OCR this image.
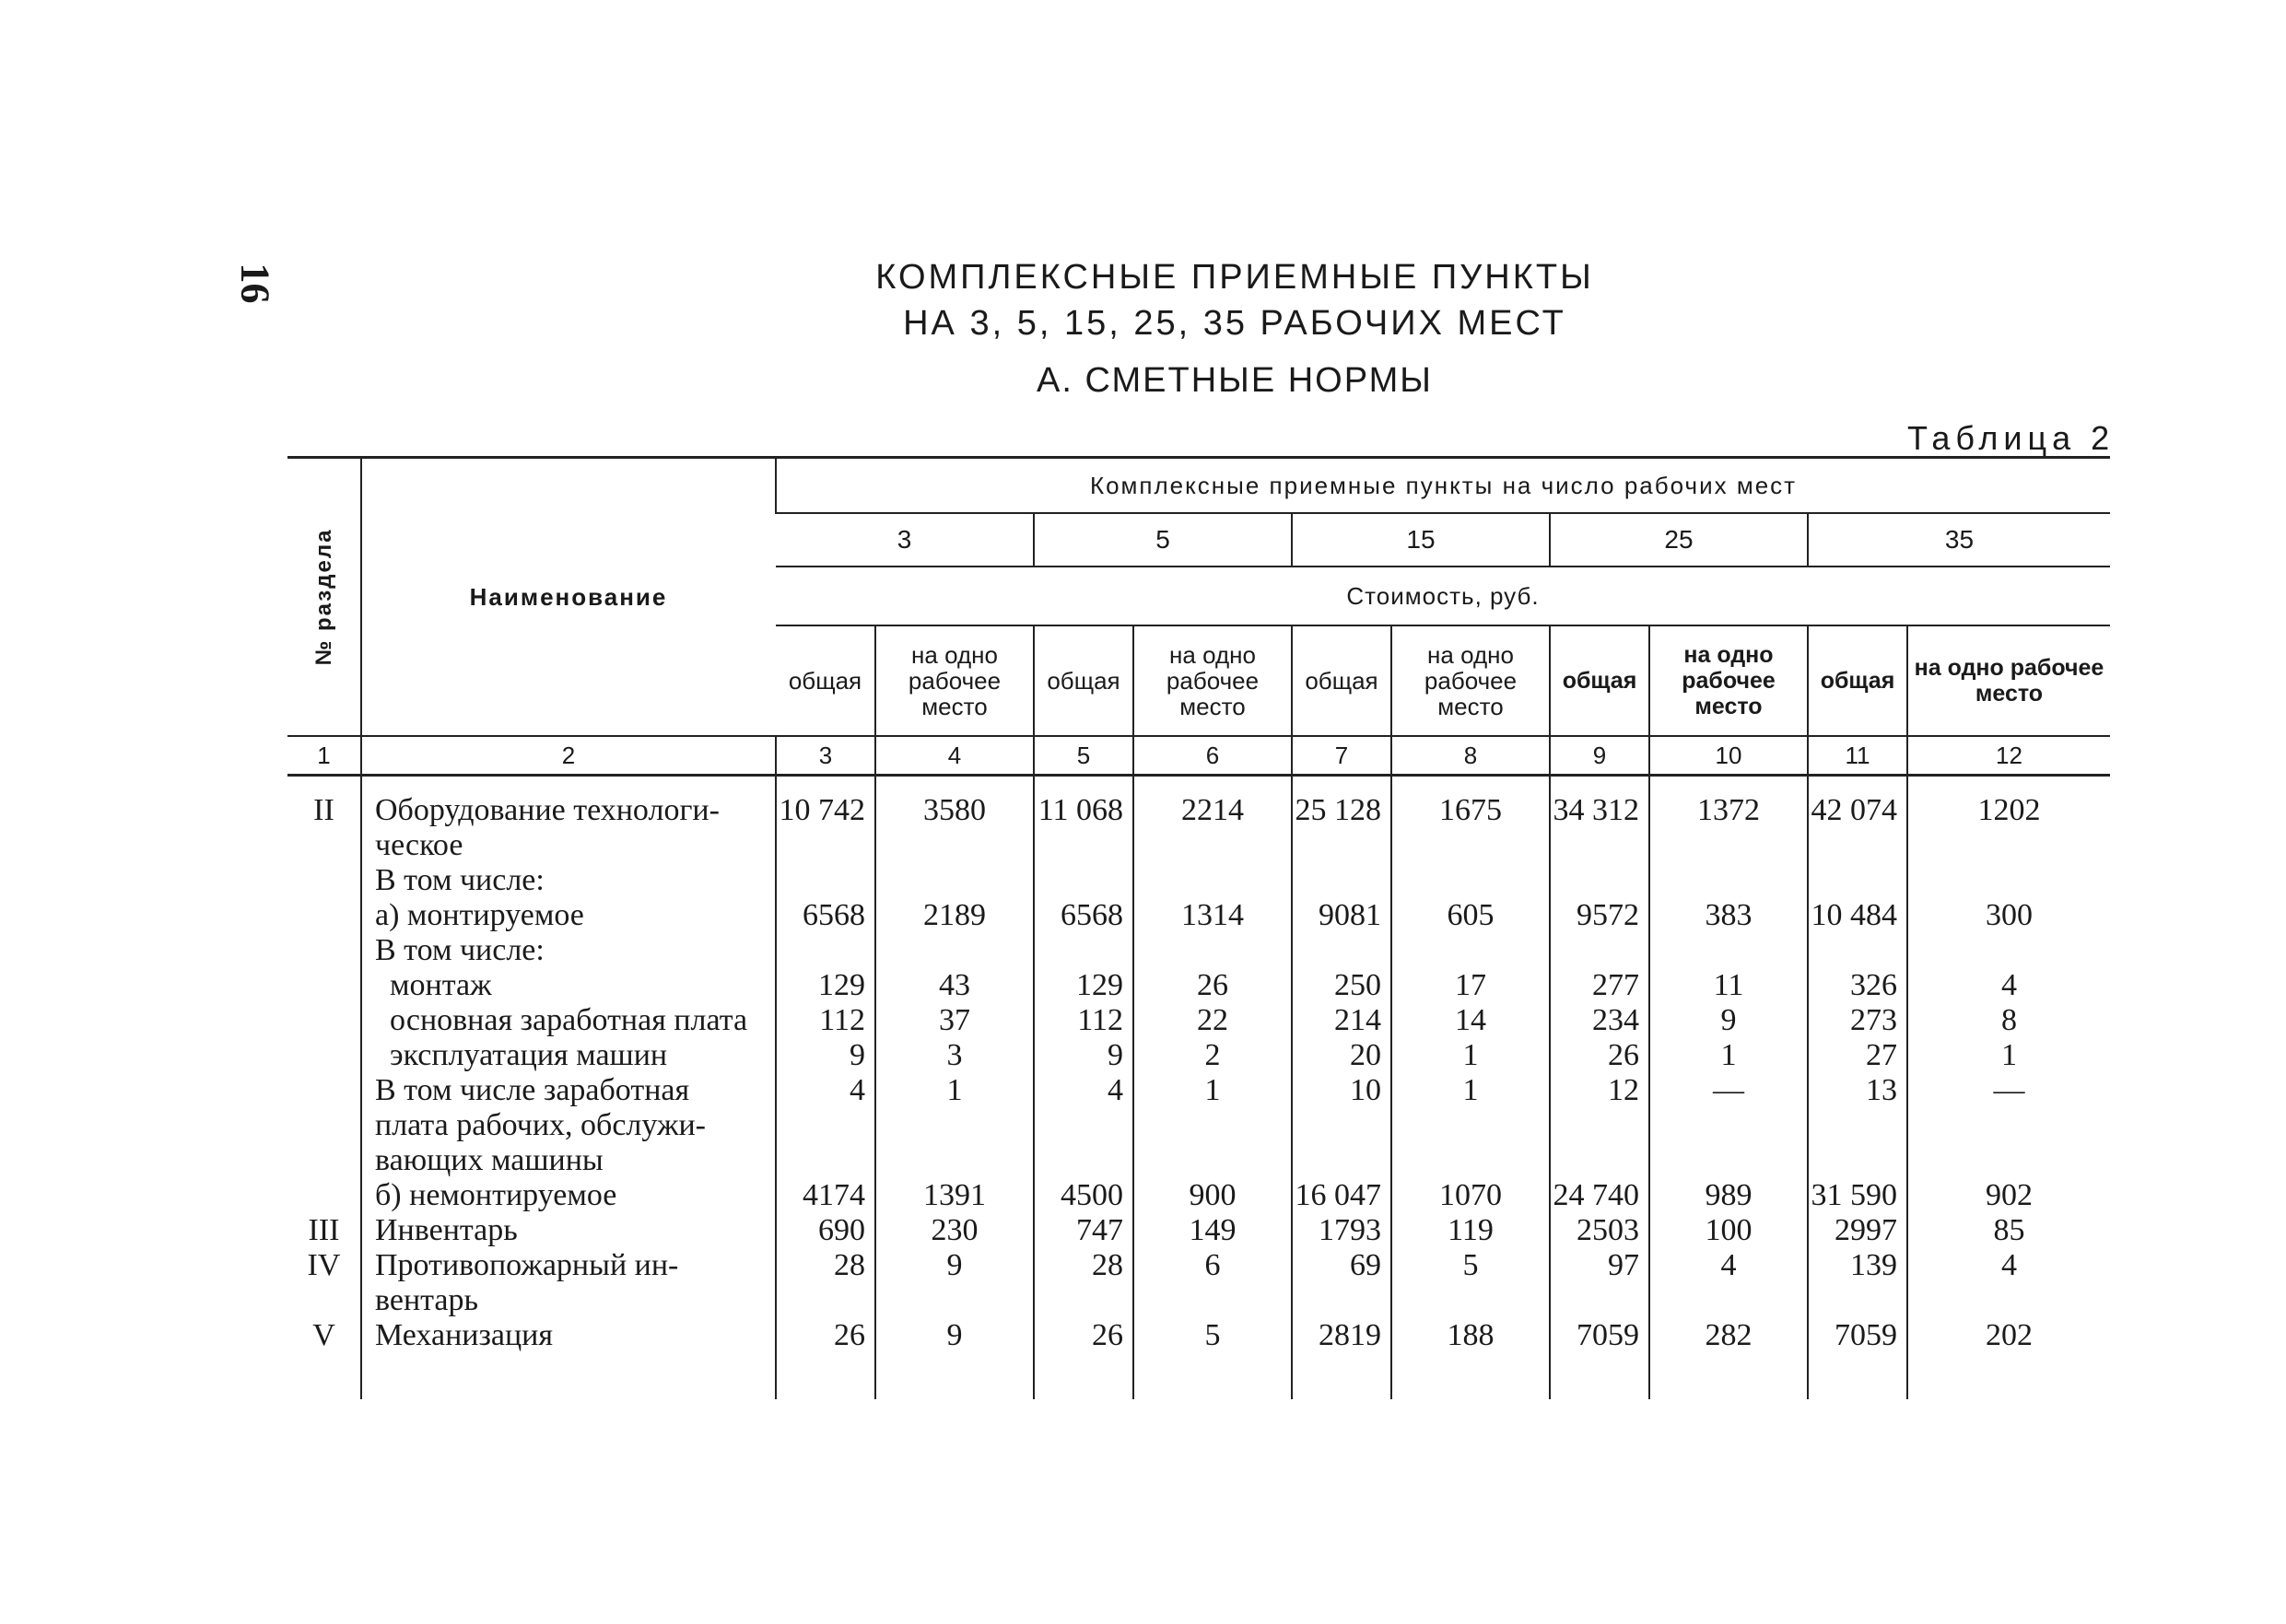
16	КОМПЛЕКСНЫЕ ПРИЕМНЫЕ ПУНКТЫ
НА 3, 5, 15, 25, 35 РАБОЧИХ МЕСТ
А. СМЕТНЫЕ НОРМЫ
Таблица 2
№ раздела	Наименование	Комплексные приемные пункты на число рабочих мест									
		3		5		15		25		35	
		Стоимость, руб.									
		общая	на одно рабочее место	общая	на одно рабочее место	общая	на одно рабочее место	общая	на одно рабочее место	общая	на одно рабочее место
1	2	3	4	5	6	7	8	9	10	11	12
II	Оборудование технологи-ческое	10 742	3580	11 068	2214	25 128	1675	34 312	1372	42 074	1202
	В том числе:										
	а) монтируемое	6568	2189	6568	1314	9081	605	9572	383	10 484	300
	В том числе:										
	монтаж	129	43	129	26	250	17	277	11	326	4
	основная заработная плата	112	37	112	22	214	14	234	9	273	8
	эксплуатация машин	9	3	9	2	20	1	26	1	27	1
	В том числе заработная плата рабочих, обслужи-вающих машины	4	1	4	1	10	1	12	—	13	—
	б) немонтируемое	4174	1391	4500	900	16 047	1070	24 740	989	31 590	902
III	Инвентарь	690	230	747	149	1793	119	2503	100	2997	85
IV	Противопожарный ин-вентарь	28	9	28	6	69	5	97	4	139	4
V	Механизация	26	9	26	5	2819	188	7059	282	7059	202
